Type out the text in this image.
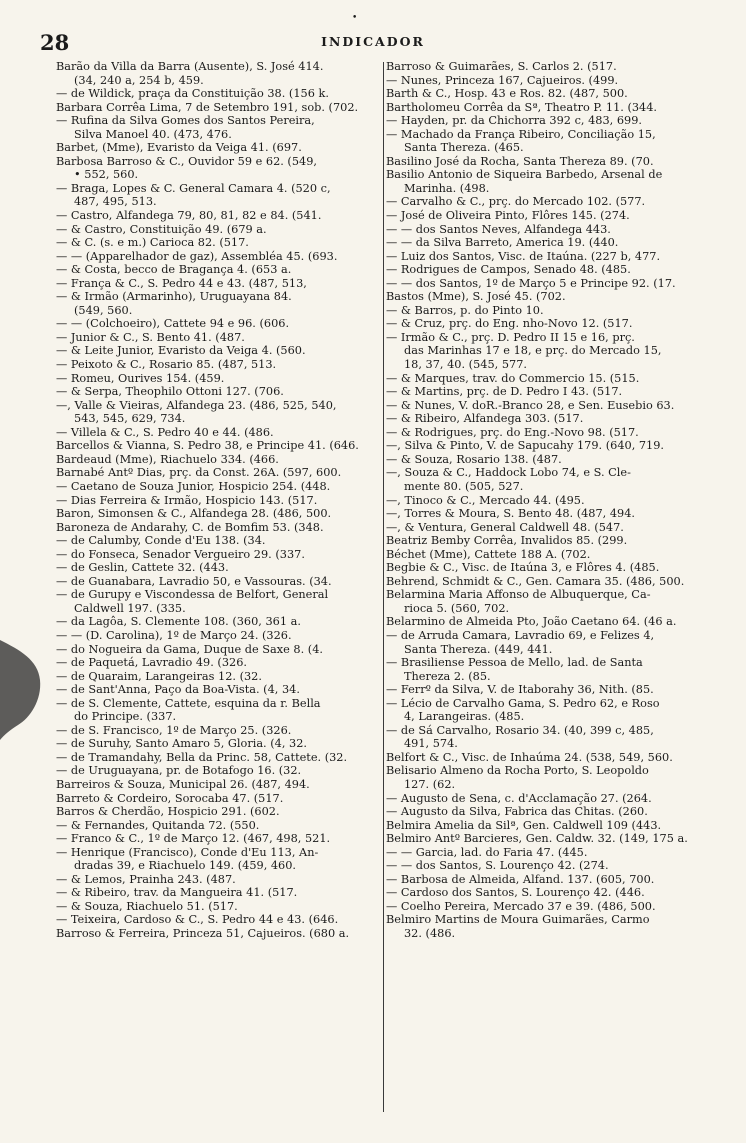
•
28	INDICADOR
Barão da Villa da Barra (Ausente), S. José 414.
(34, 240 a, 254 b, 459.
— de Wildick, praça da Constituição 38. (156 k.
Barbara Corrêa Lima, 7 de Setembro 191, sob. (702.
— Rufina da Silva Gomes dos Santos Pereira,
Silva Manoel 40. (473, 476.
Barbet, (Mme), Evaristo da Veiga 41. (697.
Barbosa Barroso & C., Ouvidor 59 e 62. (549,
• 552, 560.
— Braga, Lopes & C. General Camara 4. (520 c,
487, 495, 513.
— Castro, Alfandega 79, 80, 81, 82 e 84. (541.
— & Castro, Constituição 49. (679 a.
— & C. (s. e m.) Carioca 82. (517.
— — (Apparelhador de gaz), Assembléa 45. (693.
— & Costa, becco de Bragança 4. (653 a.
— França & C., S. Pedro 44 e 43. (487, 513,
— & Irmão (Armarinho), Uruguayana 84.
(549, 560.
— — (Colchoeiro), Cattete 94 e 96. (606.
— Junior & C., S. Bento 41. (487.
— & Leite Junior, Evaristo da Veiga 4. (560.
— Peixoto & C., Rosario 85. (487, 513.
— Romeu, Ourives 154. (459.
— & Serpa, Theophilo Ottoni 127. (706.
—, Valle & Vieiras, Alfandega 23. (486, 525, 540,
543, 545, 629, 734.
— Villela & C., S. Pedro 40 e 44. (486.
Barcellos & Vianna, S. Pedro 38, e Principe 41. (646.
Bardeaud (Mme), Riachuelo 334. (466.
Barnabé Antº Dias, prç. da Const. 26A. (597, 600.
— Caetano de Souza Junior, Hospicio 254. (448.
— Dias Ferreira & Irmão, Hospicio 143. (517.
Baron, Simonsen & C., Alfandega 28. (486, 500.
Baroneza de Andarahy, C. de Bomfim 53. (348.
— de Calumby, Conde d'Eu 138. (34.
— do Fonseca, Senador Vergueiro 29. (337.
— de Geslin, Cattete 32. (443.
— de Guanabara, Lavradio 50, e Vassouras. (34.
— de Gurupy e Viscondessa de Belfort, General
Caldwell 197. (335.
— da Lagôa, S. Clemente 108. (360, 361 a.
— — (D. Carolina), 1º de Março 24. (326.
— do Nogueira da Gama, Duque de Saxe 8. (4.
— de Paquetá, Lavradio 49. (326.
— de Quaraim, Larangeiras 12. (32.
— de Sant'Anna, Paço da Boa-Vista. (4, 34.
— de S. Clemente, Cattete, esquina da r. Bella
do Principe. (337.
— de S. Francisco, 1º de Março 25. (326.
— de Suruhy, Santo Amaro 5, Gloria. (4, 32.
— de Tramandahy, Bella da Princ. 58, Cattete. (32.
— de Uruguayana, pr. de Botafogo 16. (32.
Barreiros & Souza, Municipal 26. (487, 494.
Barreto & Cordeiro, Sorocaba 47. (517.
Barros & Cherdão, Hospicio 291. (602.
— & Fernandes, Quitanda 72. (550.
— Franco & C., 1º de Março 12. (467, 498, 521.
— Henrique (Francisco), Conde d'Eu 113, An-
dradas 39, e Riachuelo 149. (459, 460.
— & Lemos, Prainha 243. (487.
— & Ribeiro, trav. da Mangueira 41. (517.
— & Souza, Riachuelo 51. (517.
— Teixeira, Cardoso & C., S. Pedro 44 e 43. (646.
Barroso & Ferreira, Princeza 51, Cajueiros. (680 a.
Barroso & Guimarães, S. Carlos 2. (517.
— Nunes, Princeza 167, Cajueiros. (499.
Barth & C., Hosp. 43 e Ros. 82. (487, 500.
Bartholomeu Corrêa da Sª, Theatro P. 11. (344.
— Hayden, pr. da Chichorra 392 c, 483, 699.
— Machado da França Ribeiro, Conciliação 15,
Santa Thereza. (465.
Basilino José da Rocha, Santa Thereza 89. (70.
Basilio Antonio de Siqueira Barbedo, Arsenal de
Marinha. (498.
— Carvalho & C., prç. do Mercado 102. (577.
— José de Oliveira Pinto, Flôres 145. (274.
— — dos Santos Neves, Alfandega 443.
— — da Silva Barreto, America 19. (440.
— Luiz dos Santos, Visc. de Itaúna. (227 b, 477.
— Rodrigues de Campos, Senado 48. (485.
— — dos Santos, 1º de Março 5 e Principe 92. (17.
Bastos (Mme), S. José 45. (702.
— & Barros, p. do Pinto 10.
— & Cruz, prç. do Eng. nho-Novo 12. (517.
— Irmão & C., prç. D. Pedro II 15 e 16, prç.
das Marinhas 17 e 18, e prç. do Mercado 15,
18, 37, 40. (545, 577.
— & Marques, trav. do Commercio 15. (515.
— & Martins, prç. de D. Pedro I 43. (517.
— & Nunes, V. doR.-Branco 28, e Sen. Eusebio 63.
— & Ribeiro, Alfandega 303. (517.
— & Rodrigues, prç. do Eng.-Novo 98. (517.
—, Silva & Pinto, V. de Sapucahy 179. (640, 719.
— & Souza, Rosario 138. (487.
—, Souza & C., Haddock Lobo 74, e S. Cle-
mente 80. (505, 527.
—, Tinoco & C., Mercado 44. (495.
—, Torres & Moura, S. Bento 48. (487, 494.
—, & Ventura, General Caldwell 48. (547.
Beatriz Bemby Corrêa, Invalidos 85. (299.
Béchet (Mme), Cattete 188 A. (702.
Begbie & C., Visc. de Itaúna 3, e Flôres 4. (485.
Behrend, Schmidt & C., Gen. Camara 35. (486, 500.
Belarmina Maria Affonso de Albuquerque, Ca-
rioca 5. (560, 702.
Belarmino de Almeida Pto, João Caetano 64. (46 a.
— de Arruda Camara, Lavradio 69, e Felizes 4,
Santa Thereza. (449, 441.
— Brasiliense Pessoa de Mello, lad. de Santa
Thereza 2. (85.
— Ferrº da Silva, V. de Itaborahy 36, Nith. (85.
— Lécio de Carvalho Gama, S. Pedro 62, e Roso
4, Larangeiras. (485.
— de Sá Carvalho, Rosario 34. (40, 399 c, 485,
491, 574.
Belfort & C., Visc. de Inhaúma 24. (538, 549, 560.
Belisario Almeno da Rocha Porto, S. Leopoldo
127. (62.
— Augusto de Sena, c. d'Acclamação 27. (264.
— Augusto da Silva, Fabrica das Chitas. (260.
Belmira Amelia da Silª, Gen. Caldwell 109 (443.
Belmiro Antº Barcieres, Gen. Caldw. 32. (149, 175 a.
— — Garcia, lad. do Faria 47. (445.
— — dos Santos, S. Lourenço 42. (274.
— Barbosa de Almeida, Alfand. 137. (605, 700.
— Cardoso dos Santos, S. Lourenço 42. (446.
— Coelho Pereira, Mercado 37 e 39. (486, 500.
Belmiro Martins de Moura Guimarães, Carmo
32. (486.
